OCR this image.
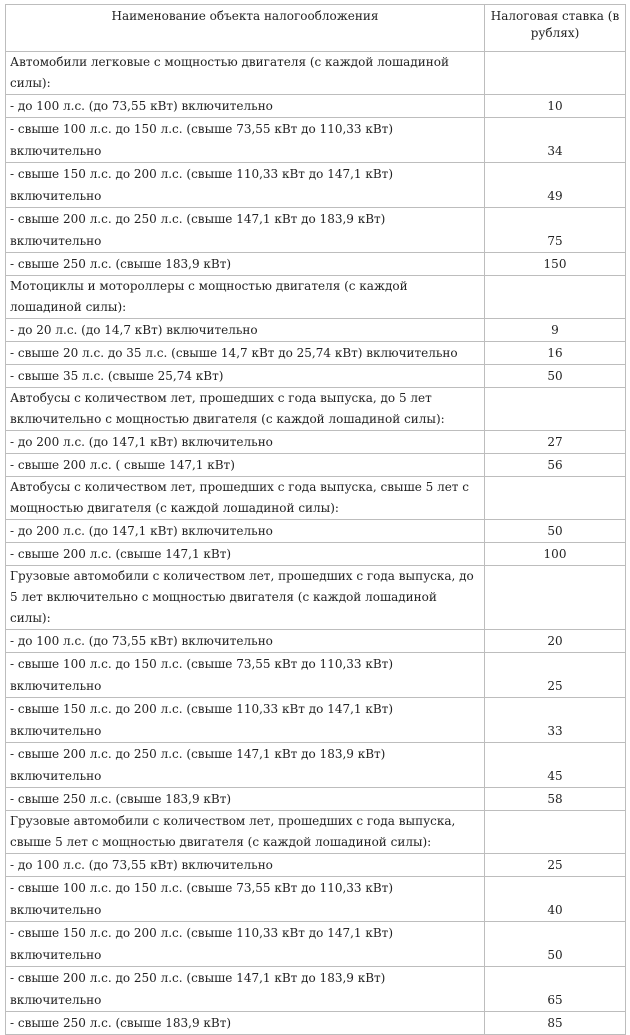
Наименование объекта налогообложения	Налоговая ставка (в рублях)
Автомобили легковые с мощностью двигателя (с каждой лошадиной силы):	
- до 100 л.с. (до 73,55 кВт) включительно	10
- свыше 100 л.с. до 150 л.с. (свыше 73,55 кВт до 110,33 кВт) включительно	34
- свыше 150 л.с. до 200 л.с. (свыше 110,33 кВт до 147,1 кВт) включительно	49
- свыше 200 л.с. до 250 л.с. (свыше 147,1 кВт до 183,9 кВт) включительно	75
- свыше 250 л.с. (свыше 183,9 кВт)	150
Мотоциклы и мотороллеры с мощностью двигателя (с каждой лошадиной силы):	
- до 20 л.с. (до 14,7 кВт) включительно	9
- свыше 20 л.с. до 35 л.с. (свыше 14,7 кВт до 25,74 кВт) включительно	16
- свыше 35 л.с. (свыше 25,74 кВт)	50
Автобусы с количеством лет, прошедших с года выпуска, до 5 лет включительно с мощностью двигателя (с каждой лошадиной силы):	
- до 200 л.с. (до 147,1 кВт) включительно	27
- свыше 200 л.с. ( свыше 147,1 кВт)	56
Автобусы с количеством лет, прошедших с года выпуска, свыше 5 лет с мощностью двигателя (с каждой лошадиной силы):	
- до 200 л.с. (до 147,1 кВт) включительно	50
- свыше 200 л.с. (свыше 147,1 кВт)	100
Грузовые автомобили с количеством лет, прошедших с года выпуска, до 5 лет включительно с мощностью двигателя (с каждой лошадиной силы):	
- до 100 л.с. (до 73,55 кВт) включительно	20
- свыше 100 л.с. до 150 л.с. (свыше 73,55 кВт до 110,33 кВт) включительно	25
- свыше 150 л.с. до 200 л.с. (свыше 110,33 кВт до 147,1 кВт) включительно	33
- свыше 200 л.с. до 250 л.с. (свыше 147,1 кВт до 183,9 кВт) включительно	45
- свыше 250 л.с. (свыше 183,9 кВт)	58
Грузовые автомобили с количеством лет, прошедших с года выпуска, свыше 5 лет с мощностью двигателя (с каждой лошадиной силы):	
- до 100 л.с. (до 73,55 кВт) включительно	25
- свыше 100 л.с. до 150 л.с. (свыше 73,55 кВт до 110,33 кВт) включительно	40
- свыше 150 л.с. до 200 л.с. (свыше 110,33 кВт до 147,1 кВт) включительно	50
- свыше 200 л.с. до 250 л.с. (свыше 147,1 кВт до 183,9 кВт) включительно	65
- свыше 250 л.с. (свыше 183,9 кВт)	85
